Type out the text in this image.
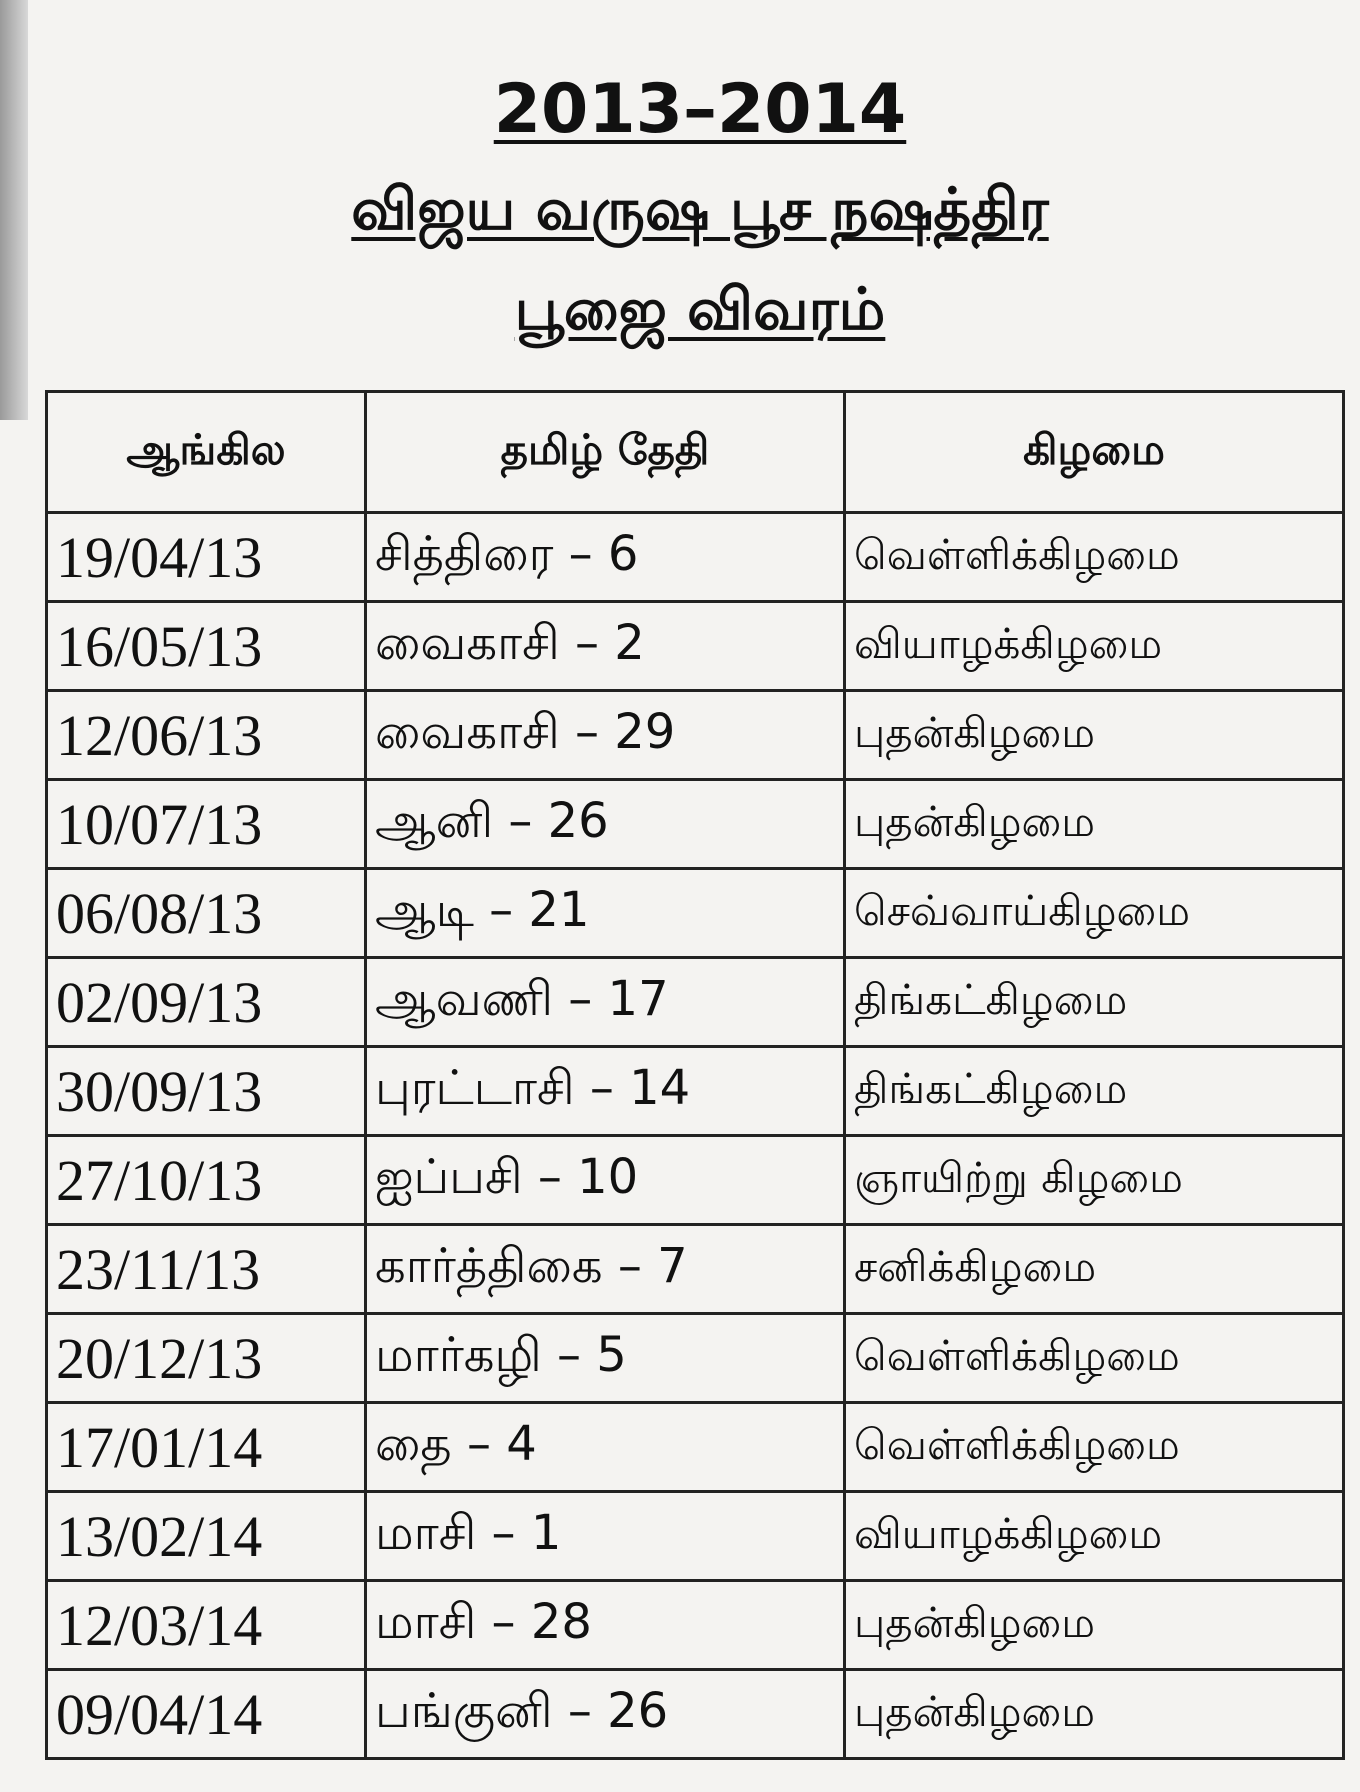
2013–2014
விஜய வருஷ பூச நஷத்திர
பூஜை விவரம்
ஆங்கில	தமிழ் தேதி	கிழமை
19/04/13	சித்திரை – 6	வெள்ளிக்கிழமை
16/05/13	வைகாசி – 2	வியாழக்கிழமை
12/06/13	வைகாசி – 29	புதன்கிழமை
10/07/13	ஆனி – 26	புதன்கிழமை
06/08/13	ஆடி – 21	செவ்வாய்கிழமை
02/09/13	ஆவணி – 17	திங்கட்கிழமை
30/09/13	புரட்டாசி – 14	திங்கட்கிழமை
27/10/13	ஐப்பசி – 10	ஞாயிற்று கிழமை
23/11/13	கார்த்திகை – 7	சனிக்கிழமை
20/12/13	மார்கழி – 5	வெள்ளிக்கிழமை
17/01/14	தை – 4	வெள்ளிக்கிழமை
13/02/14	மாசி – 1	வியாழக்கிழமை
12/03/14	மாசி – 28	புதன்கிழமை
09/04/14	பங்குனி – 26	புதன்கிழமை
